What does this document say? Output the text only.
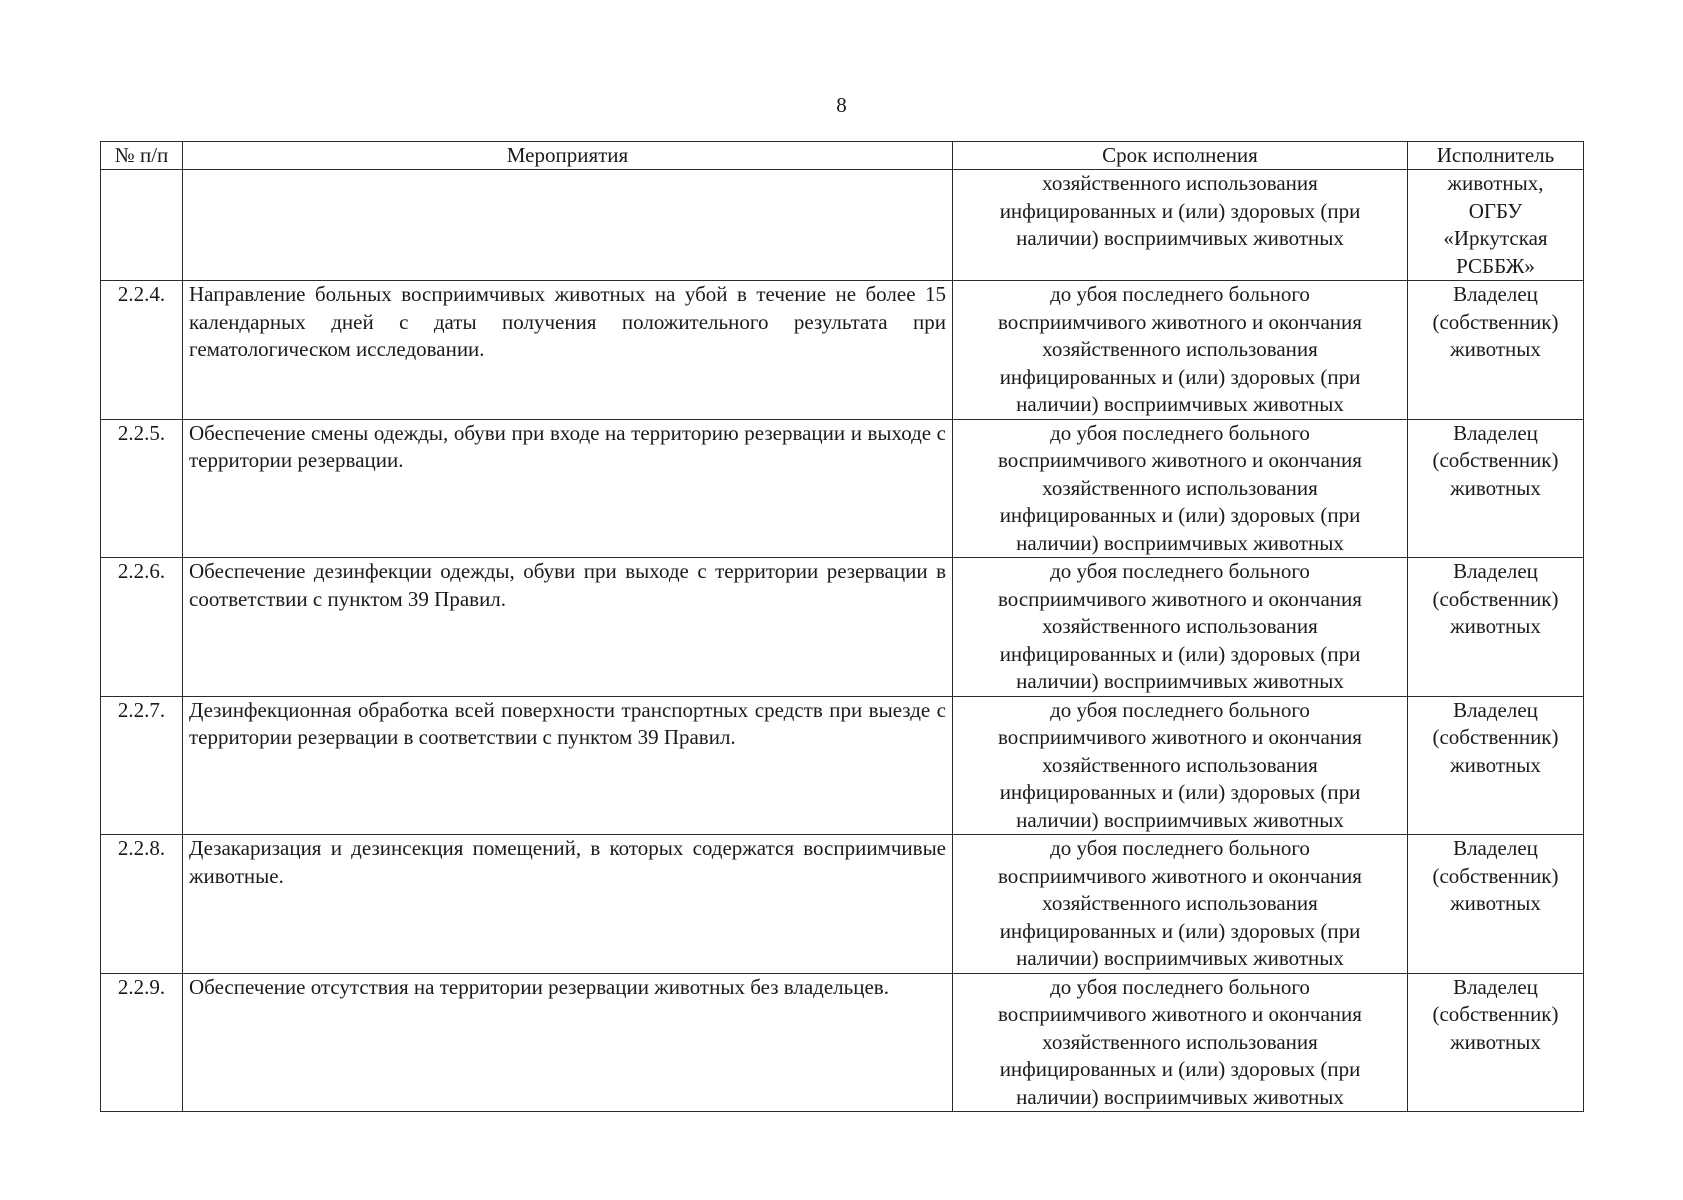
8
№ п/п	Мероприятия	Срок исполнения	Исполнитель

		хозяйственного использования
инфицированных и (или) здоровых (при
наличии) восприимчивых животных	животных,
ОГБУ
«Иркутская
РСББЖ»

2.2.4.	Направление больных восприимчивых животных на убой в течение не более 15 календарных дней с даты получения положительного результата при гематологическом исследовании.	до убоя последнего больного
восприимчивого животного и окончания
хозяйственного использования
инфицированных и (или) здоровых (при
наличии) восприимчивых животных	Владелец
(собственник)
животных

2.2.5.	Обеспечение смены одежды, обуви при входе на территорию резервации и выходе с территории резервации.	до убоя последнего больного
восприимчивого животного и окончания
хозяйственного использования
инфицированных и (или) здоровых (при
наличии) восприимчивых животных	Владелец
(собственник)
животных

2.2.6.	Обеспечение дезинфекции одежды, обуви при выходе с территории резервации в соответствии с пунктом 39 Правил.	до убоя последнего больного
восприимчивого животного и окончания
хозяйственного использования
инфицированных и (или) здоровых (при
наличии) восприимчивых животных	Владелец
(собственник)
животных

2.2.7.	Дезинфекционная обработка всей поверхности транспортных средств при выезде с территории резервации в соответствии с пунктом 39 Правил.	до убоя последнего больного
восприимчивого животного и окончания
хозяйственного использования
инфицированных и (или) здоровых (при
наличии) восприимчивых животных	Владелец
(собственник)
животных

2.2.8.	Дезакаризация и дезинсекция помещений, в которых содержатся восприимчивые животные.	до убоя последнего больного
восприимчивого животного и окончания
хозяйственного использования
инфицированных и (или) здоровых (при
наличии) восприимчивых животных	Владелец
(собственник)
животных

2.2.9.	Обеспечение отсутствия на территории резервации животных без владельцев.	до убоя последнего больного
восприимчивого животного и окончания
хозяйственного использования
инфицированных и (или) здоровых (при
наличии) восприимчивых животных	Владелец
(собственник)
животных
